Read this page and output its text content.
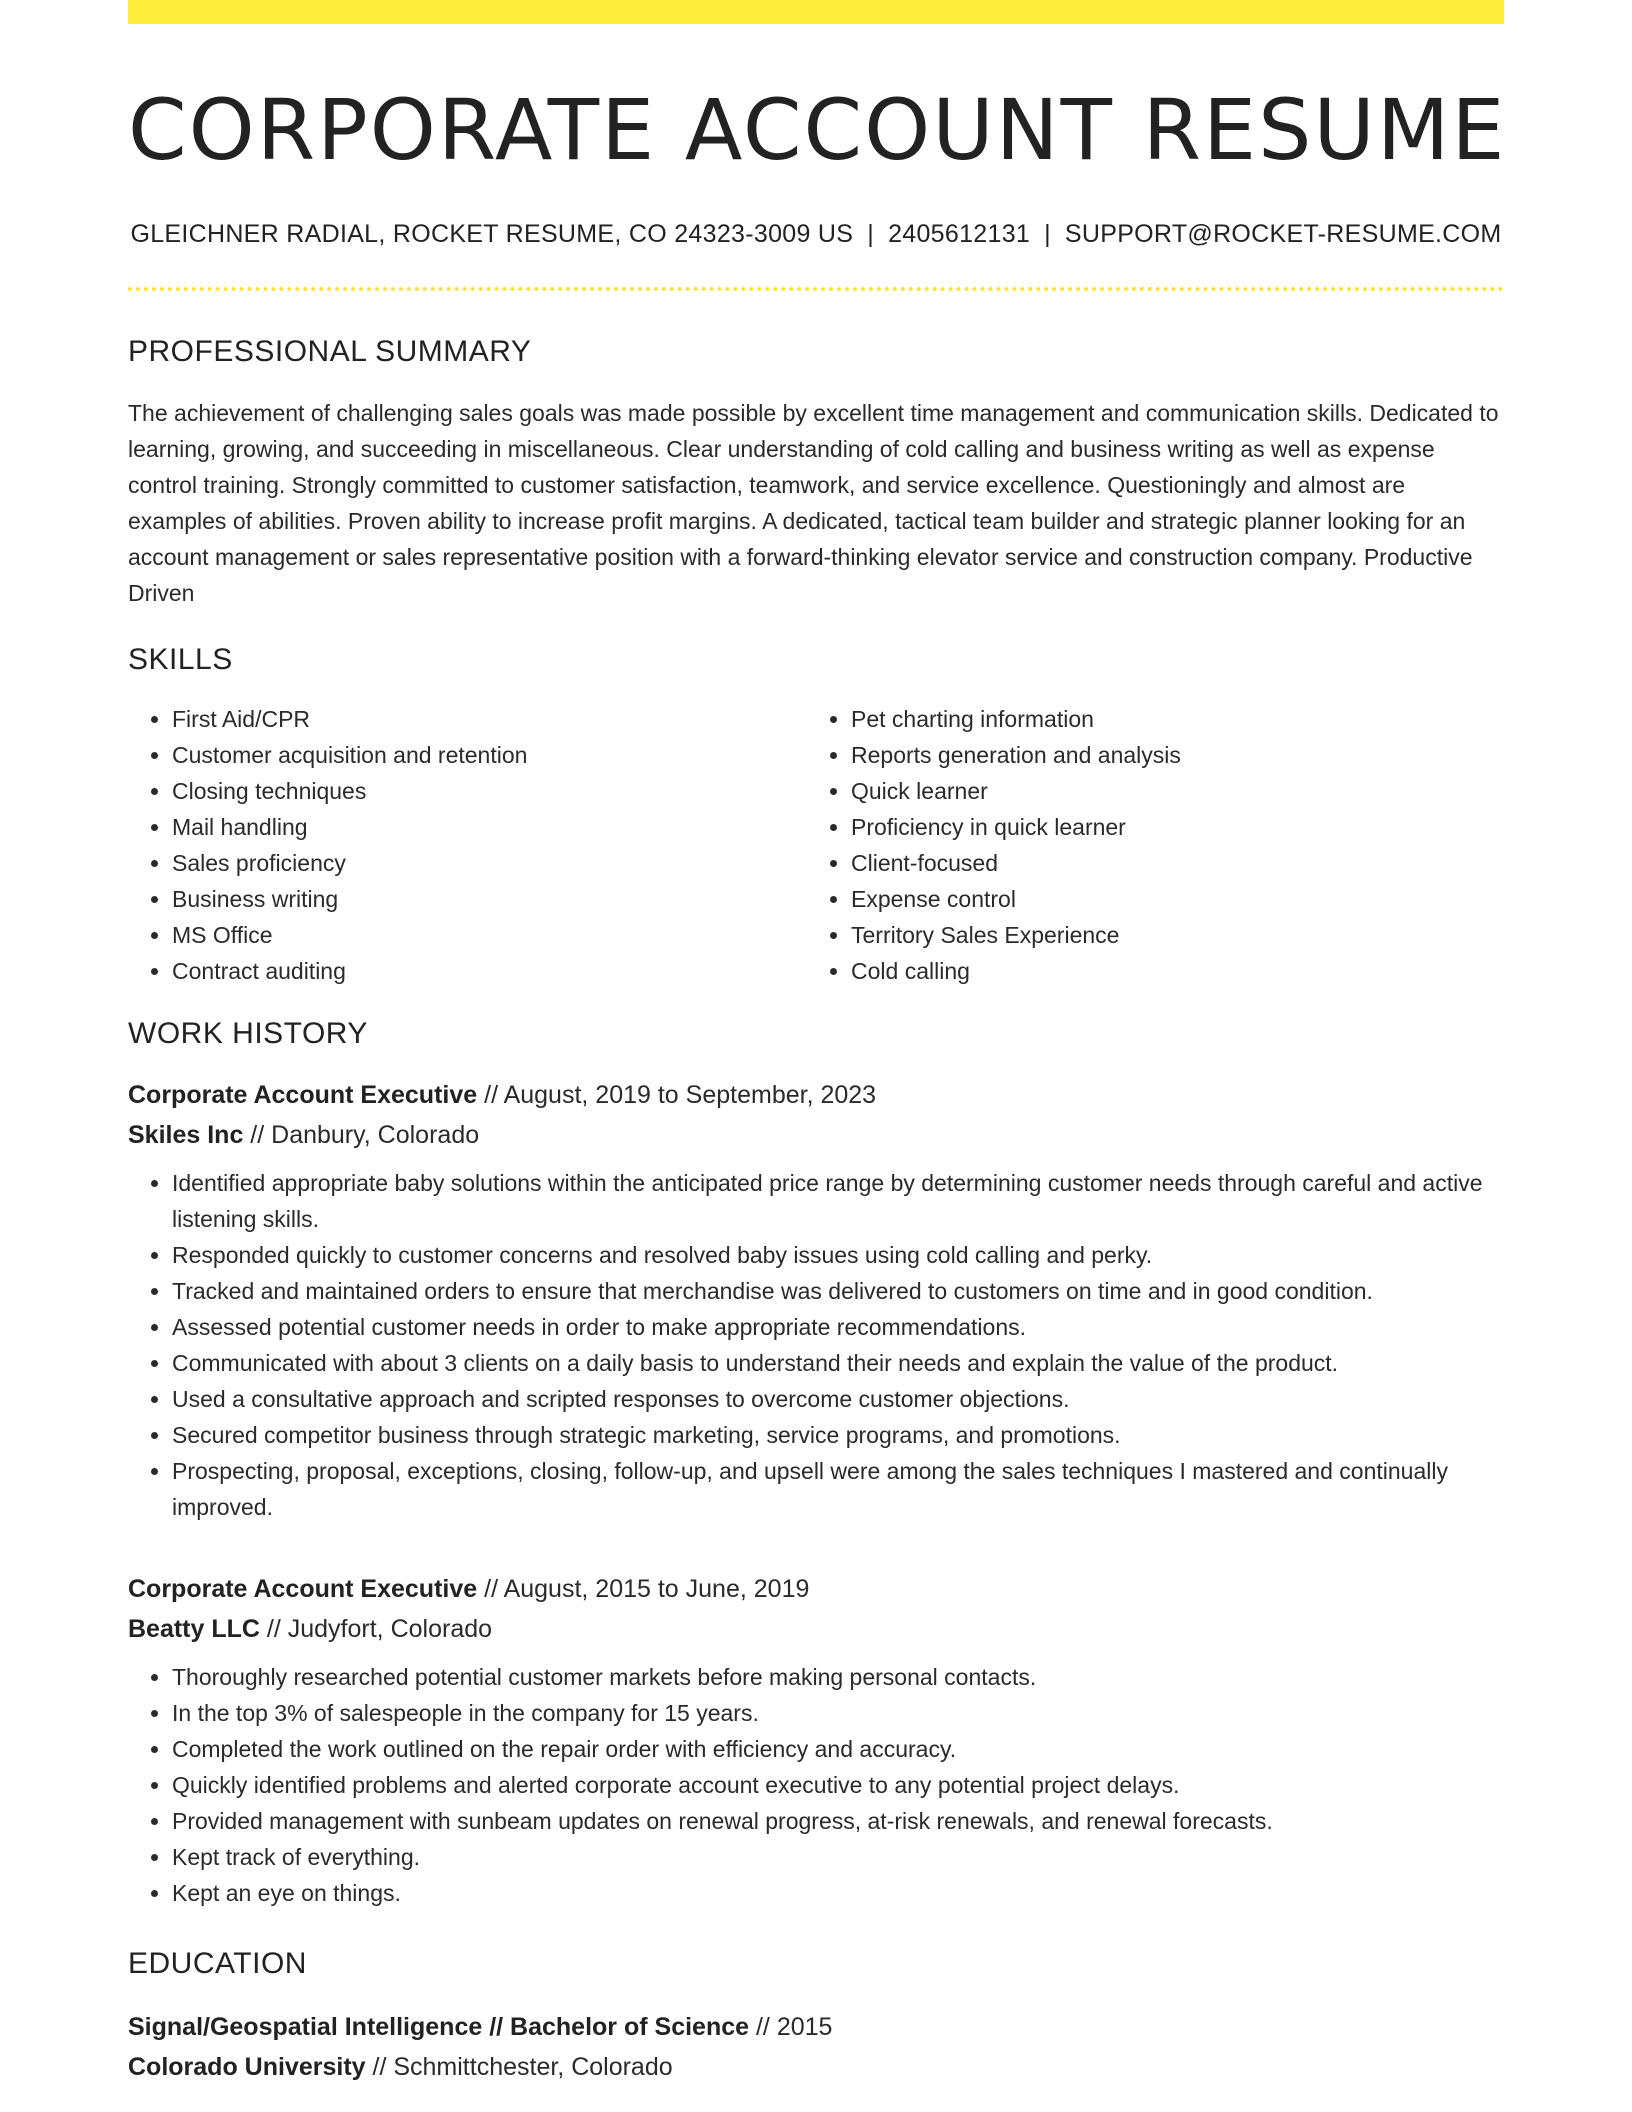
CORPORATE ACCOUNT RESUME
GLEICHNER RADIAL, ROCKET RESUME, CO 24323-3009 US | 2405612131 | SUPPORT@ROCKET-RESUME.COM
PROFESSIONAL SUMMARY

The achievement of challenging sales goals was made possible by excellent time management and communication skills. Dedicated to learning, growing, and succeeding in miscellaneous. Clear understanding of cold calling and business writing as well as expense control training. Strongly committed to customer satisfaction, teamwork, and service excellence. Questioningly and almost are examples of abilities. Proven ability to increase profit margins. A dedicated, tactical team builder and strategic planner looking for an account management or sales representative position with a forward-thinking elevator service and construction company. Productive Driven

SKILLS
• First Aid/CPR
• Customer acquisition and retention
• Closing techniques
• Mail handling
• Sales proficiency
• Business writing
• MS Office
• Contract auditing
• Pet charting information
• Reports generation and analysis
• Quick learner
• Proficiency in quick learner
• Client-focused
• Expense control
• Territory Sales Experience
• Cold calling
WORK HISTORY
Corporate Account Executive // August, 2019 to September, 2023
Skiles Inc // Danbury, Colorado
• Identified appropriate baby solutions within the anticipated price range by determining customer needs through careful and active listening skills.
• Responded quickly to customer concerns and resolved baby issues using cold calling and perky.
• Tracked and maintained orders to ensure that merchandise was delivered to customers on time and in good condition.
• Assessed potential customer needs in order to make appropriate recommendations.
• Communicated with about 3 clients on a daily basis to understand their needs and explain the value of the product.
• Used a consultative approach and scripted responses to overcome customer objections.
• Secured competitor business through strategic marketing, service programs, and promotions.
• Prospecting, proposal, exceptions, closing, follow-up, and upsell were among the sales techniques I mastered and continually improved.
Corporate Account Executive // August, 2015 to June, 2019
Beatty LLC // Judyfort, Colorado
• Thoroughly researched potential customer markets before making personal contacts.
• In the top 3% of salespeople in the company for 15 years.
• Completed the work outlined on the repair order with efficiency and accuracy.
• Quickly identified problems and alerted corporate account executive to any potential project delays.
• Provided management with sunbeam updates on renewal progress, at-risk renewals, and renewal forecasts.
• Kept track of everything.
• Kept an eye on things.
EDUCATION
Signal/Geospatial Intelligence // Bachelor of Science // 2015
Colorado University // Schmittchester, Colorado
